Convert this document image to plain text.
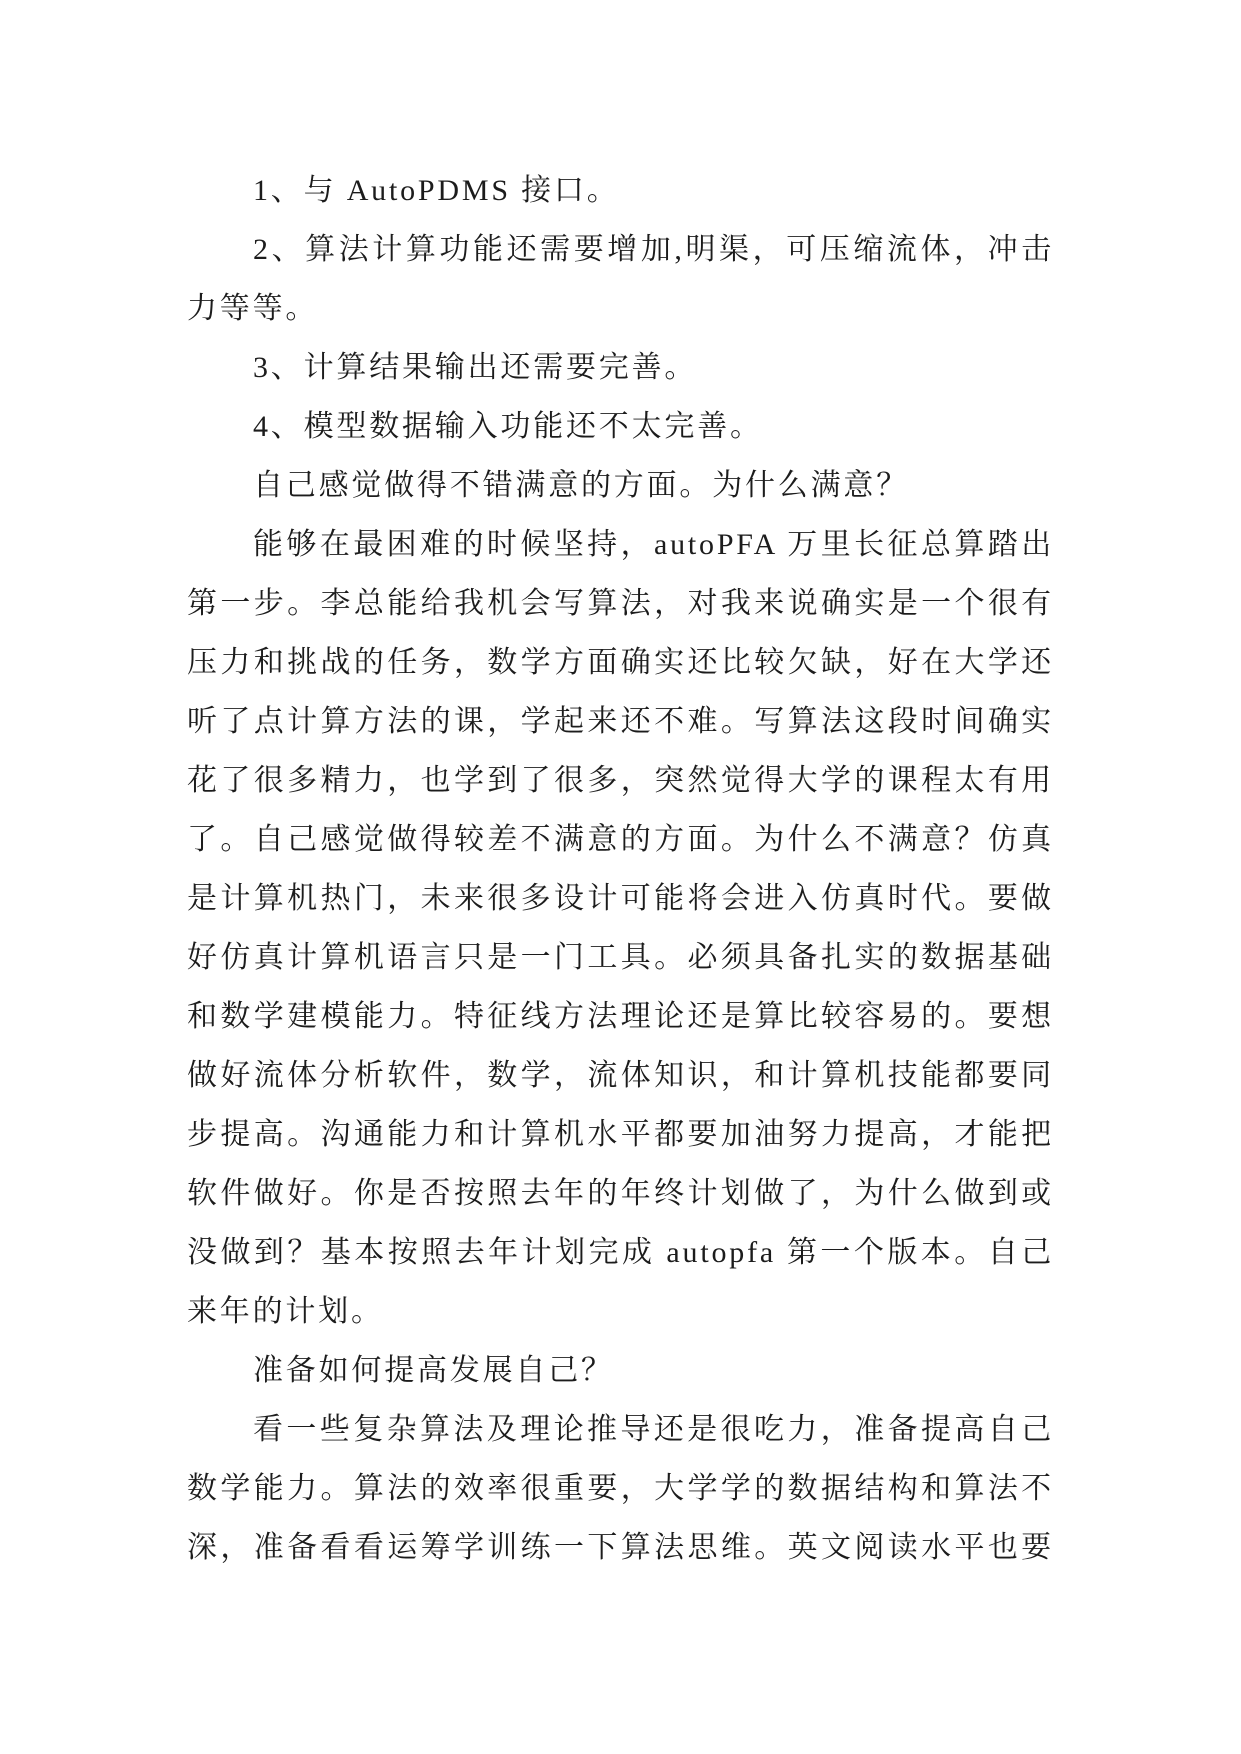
1、与 AutoPDMS 接口。
2、算法计算功能还需要增加,明渠，可压缩流体，冲击
力等等。
3、计算结果输出还需要完善。
4、模型数据输入功能还不太完善。
自己感觉做得不错满意的方面。为什么满意？
能够在最困难的时候坚持，autoPFA 万里长征总算踏出
第一步。李总能给我机会写算法，对我来说确实是一个很有
压力和挑战的任务，数学方面确实还比较欠缺，好在大学还
听了点计算方法的课，学起来还不难。写算法这段时间确实
花了很多精力，也学到了很多，突然觉得大学的课程太有用
了。自己感觉做得较差不满意的方面。为什么不满意？仿真
是计算机热门，未来很多设计可能将会进入仿真时代。要做
好仿真计算机语言只是一门工具。必须具备扎实的数据基础
和数学建模能力。特征线方法理论还是算比较容易的。要想
做好流体分析软件，数学，流体知识，和计算机技能都要同
步提高。沟通能力和计算机水平都要加油努力提高，才能把
软件做好。你是否按照去年的年终计划做了，为什么做到或
没做到？基本按照去年计划完成 autopfa 第一个版本。自己
来年的计划。
准备如何提高发展自己？
看一些复杂算法及理论推导还是很吃力，准备提高自己
数学能力。算法的效率很重要，大学学的数据结构和算法不
深，准备看看运筹学训练一下算法思维。英文阅读水平也要
